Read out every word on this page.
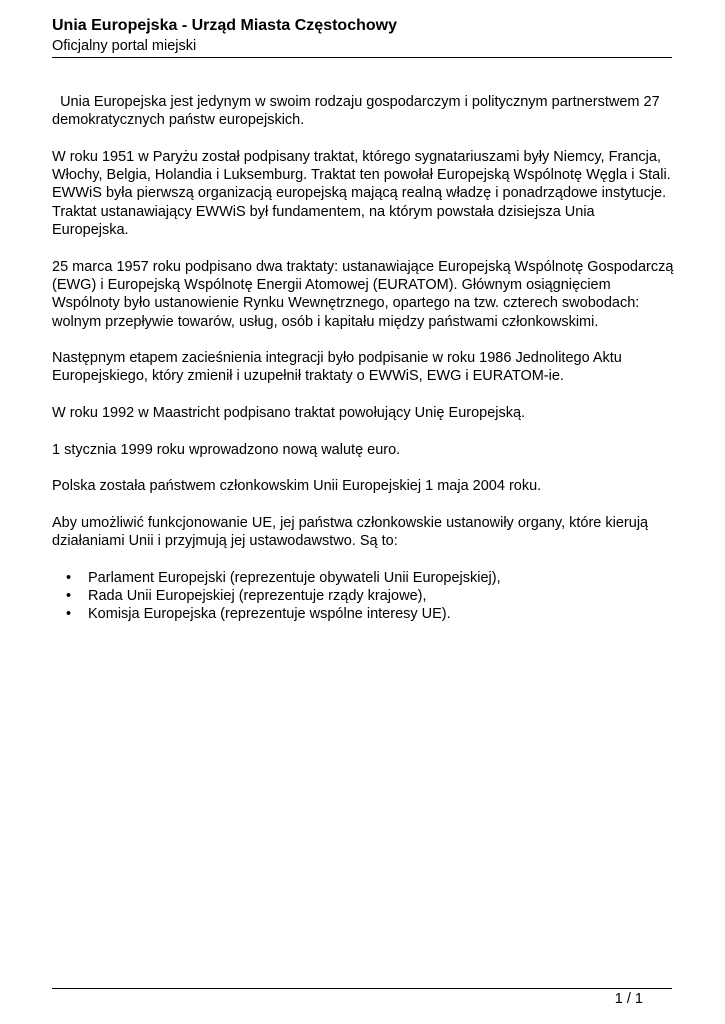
Unia Europejska - Urząd Miasta Częstochowy
Oficjalny portal miejski

Unia Europejska jest jedynym w swoim rodzaju gospodarczym i politycznym partnerstwem 27 demokratycznych państw europejskich.

W roku 1951 w Paryżu został podpisany traktat, którego sygnatariuszami były Niemcy, Francja, Włochy, Belgia, Holandia i Luksemburg. Traktat ten powołał Europejską Wspólnotę Węgla i Stali. EWWiS była pierwszą organizacją europejską mającą realną władzę i ponadrządowe instytucje. Traktat ustanawiający EWWiS był fundamentem, na którym powstała dzisiejsza Unia Europejska.

25 marca 1957 roku podpisano dwa traktaty: ustanawiające Europejską Wspólnotę Gospodarczą (EWG) i Europejską Wspólnotę Energii Atomowej (EURATOM). Głównym osiągnięciem Wspólnoty było ustanowienie Rynku Wewnętrznego, opartego na tzw. czterech swobodach: wolnym przepływie towarów, usług, osób i kapitału między państwami członkowskimi.

Następnym etapem zacieśnienia integracji było podpisanie w roku 1986 Jednolitego Aktu Europejskiego, który zmienił i uzupełnił traktaty o EWWiS, EWG i EURATOM-ie.

W roku 1992 w Maastricht podpisano traktat powołujący Unię Europejską.

1 stycznia 1999 roku wprowadzono nową walutę euro.

Polska została państwem członkowskim Unii Europejskiej 1 maja 2004 roku.

Aby umożliwić funkcjonowanie UE, jej państwa członkowskie ustanowiły organy, które kierują działaniami Unii i przyjmują jej ustawodawstwo. Są to:

• Parlament Europejski (reprezentuje obywateli Unii Europejskiej),
• Rada Unii Europejskiej (reprezentuje rządy krajowe),
• Komisja Europejska (reprezentuje wspólne interesy UE).
1 / 1
